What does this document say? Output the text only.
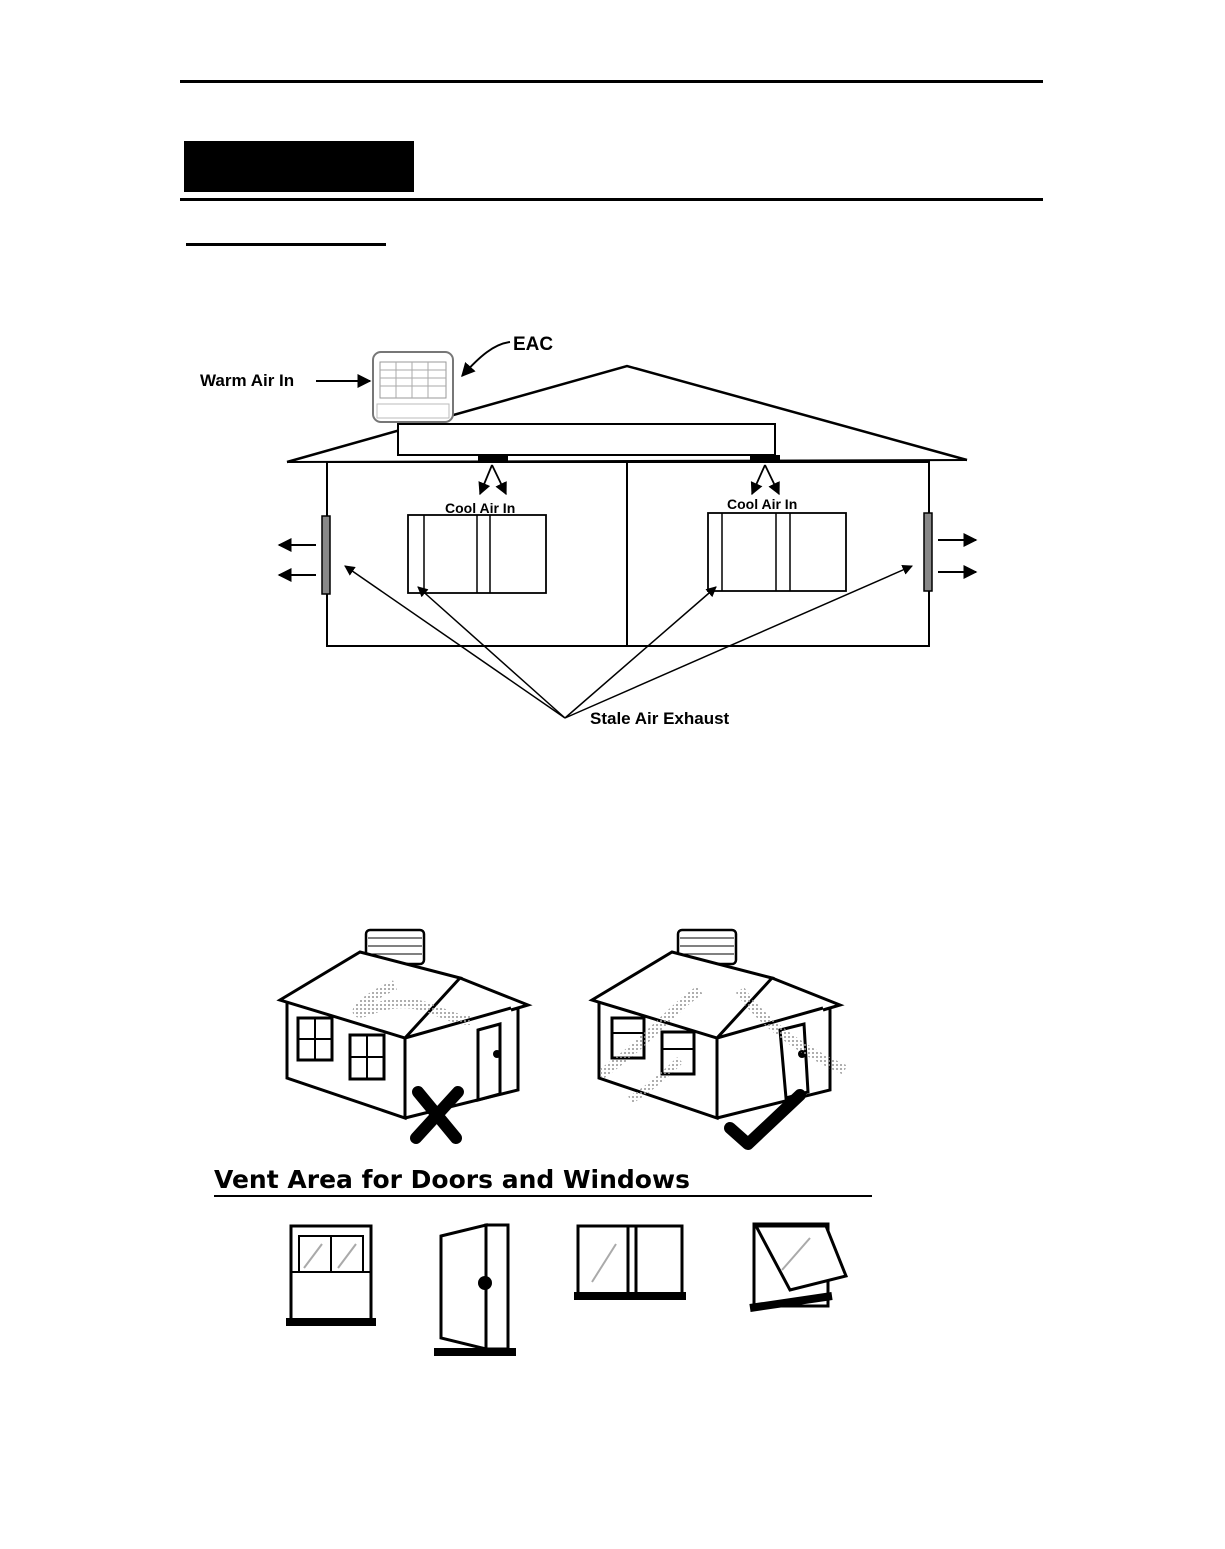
EAC
Warm Air In
Cool Air In	Cool Air In
Stale Air Exhaust
Vent Area for Doors and Windows
